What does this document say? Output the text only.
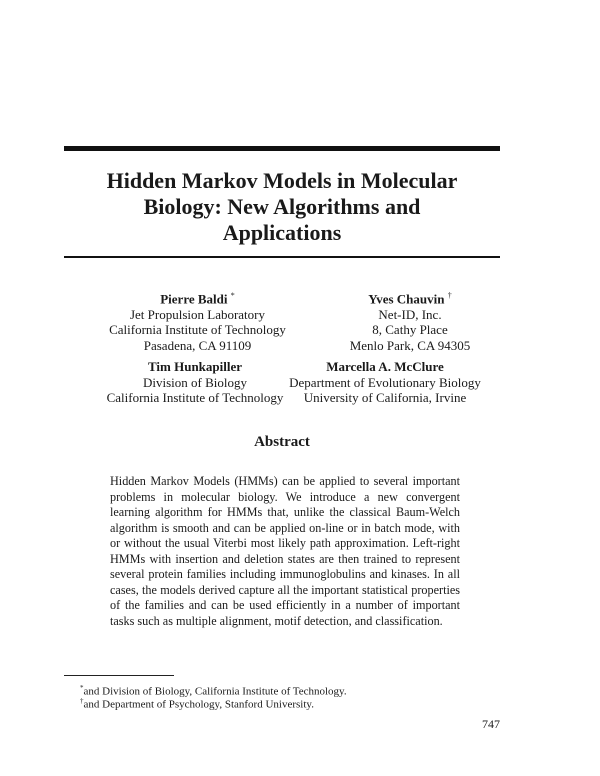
Hidden Markov Models in Molecular
Biology: New Algorithms and
Applications
Pierre Baldi *
Jet Propulsion Laboratory
California Institute of Technology
Pasadena, CA 91109
Yves Chauvin †
Net-ID, Inc.
8, Cathy Place
Menlo Park, CA 94305
Tim Hunkapiller
Division of Biology
California Institute of Technology
Marcella A. McClure
Department of Evolutionary Biology
University of California, Irvine
Abstract
Hidden Markov Models (HMMs) can be applied to several important problems in molecular biology. We introduce a new convergent learning algorithm for HMMs that, unlike the classical Baum-Welch algorithm is smooth and can be applied on-line or in batch mode, with or without the usual Viterbi most likely path approximation. Left-right HMMs with insertion and deletion states are then trained to represent several protein families including immunoglobulins and kinases. In all cases, the models derived capture all the important statistical properties of the families and can be used efficiently in a number of important tasks such as multiple alignment, motif detection, and classification.
*and Division of Biology, California Institute of Technology.
†and Department of Psychology, Stanford University.
747
